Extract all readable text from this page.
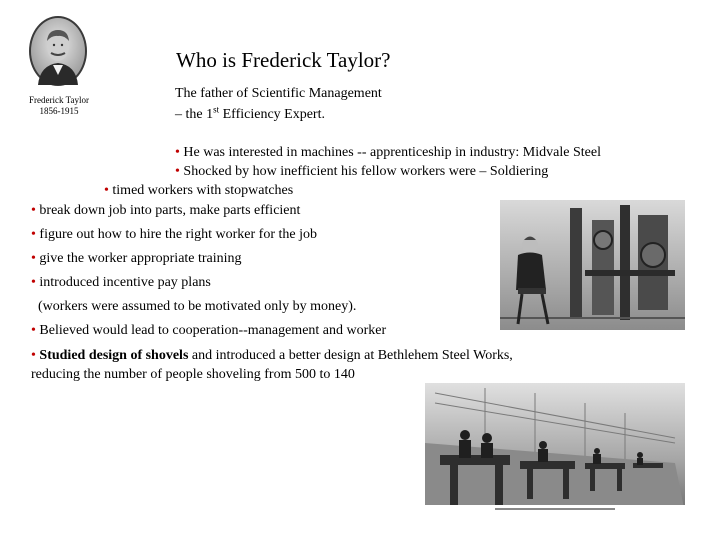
Frederick Taylor
1856-1915
Who is Frederick Taylor?
The father of Scientific Management
– the 1st Efficiency Expert.
• He was interested in machines -- apprenticeship in industry: Midvale Steel
• Shocked by how inefficient his fellow workers were – Soldiering
• timed workers with stopwatches
• break down job into parts, make parts efficient
• figure out how to hire the right worker for the job
• give the worker appropriate training
• introduced incentive pay plans
(workers were assumed to be motivated only by money).
• Believed would lead to cooperation--management and worker
• Studied design of shovels and introduced a better design at Bethlehem Steel Works,
reducing the number of people shoveling from 500 to 140
